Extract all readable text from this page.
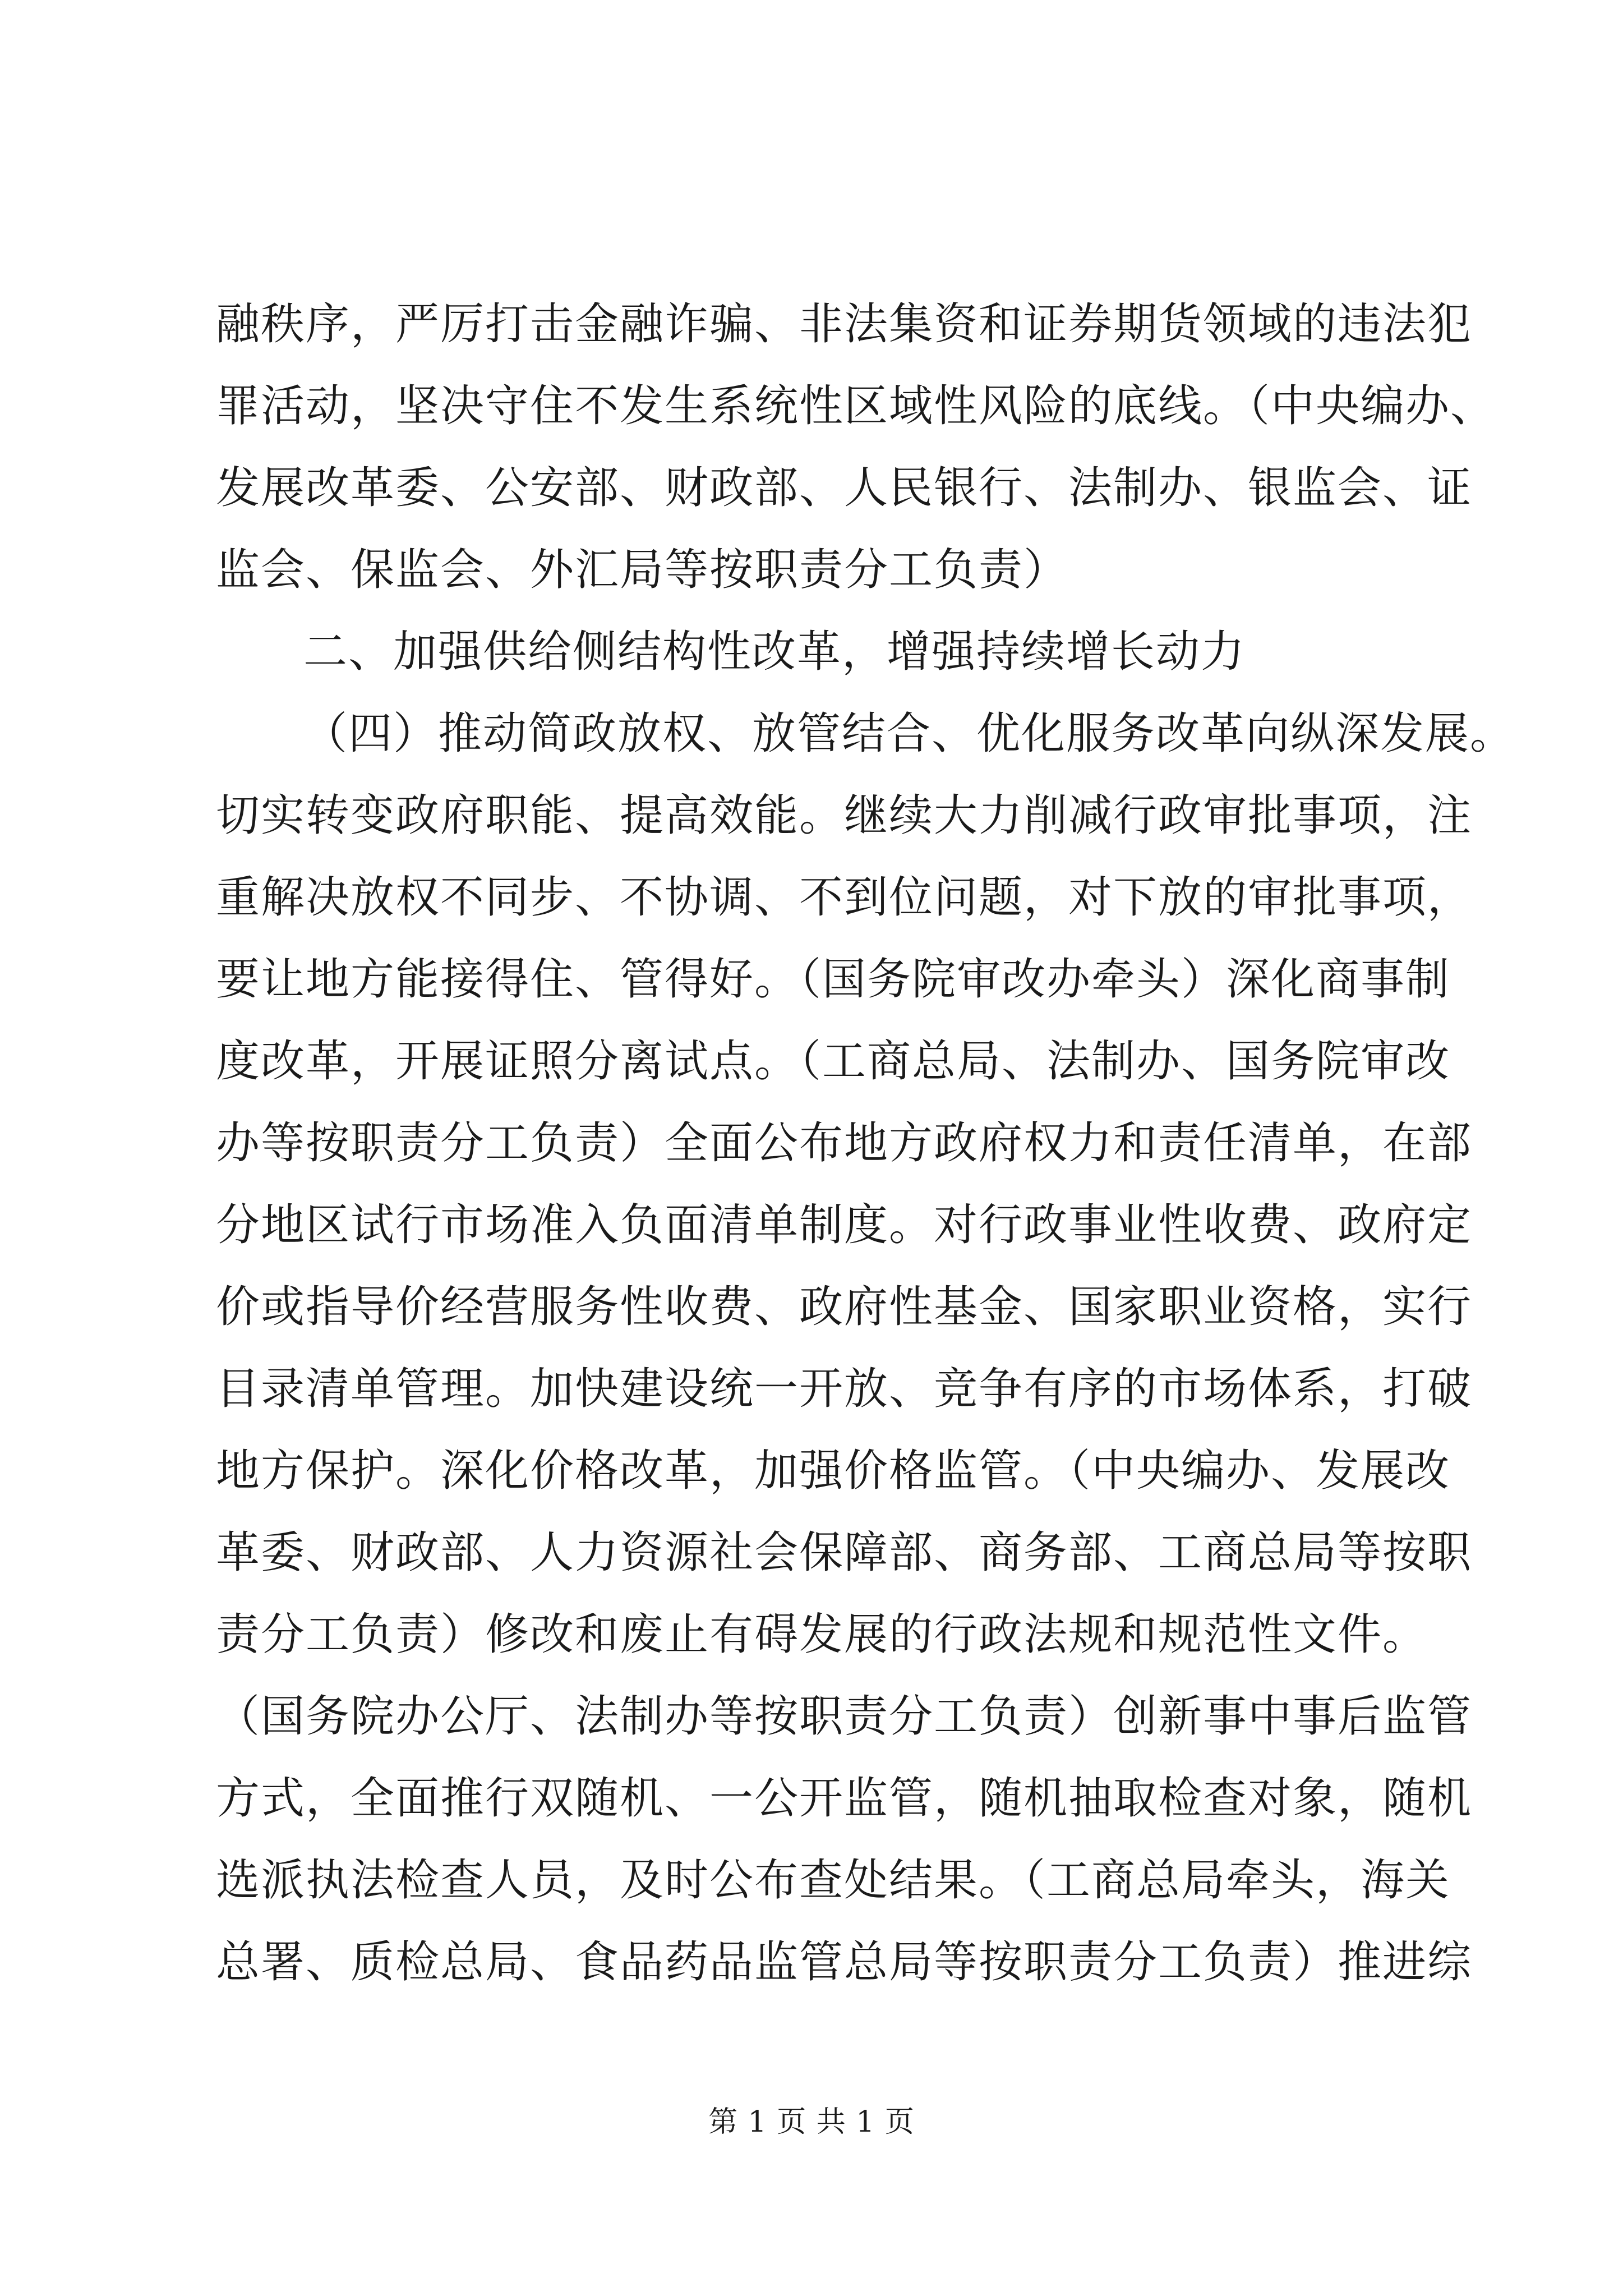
融秩序，严厉打击金融诈骗、非法集资和证券期货领域的违法犯
罪活动，坚决守住不发生系统性区域性风险的底线。（中央编办、
发展改革委、公安部、财政部、人民银行、法制办、银监会、证
监会、保监会、外汇局等按职责分工负责）
二、加强供给侧结构性改革，增强持续增长动力
（四）推动简政放权、放管结合、优化服务改革向纵深发展。
切实转变政府职能、提高效能。继续大力削减行政审批事项，注
重解决放权不同步、不协调、不到位问题，对下放的审批事项，
要让地方能接得住、管得好。（国务院审改办牵头）深化商事制
度改革，开展证照分离试点。（工商总局、法制办、国务院审改
办等按职责分工负责）全面公布地方政府权力和责任清单，在部
分地区试行市场准入负面清单制度。对行政事业性收费、政府定
价或指导价经营服务性收费、政府性基金、国家职业资格，实行
目录清单管理。加快建设统一开放、竞争有序的市场体系，打破
地方保护。深化价格改革，加强价格监管。（中央编办、发展改
革委、财政部、人力资源社会保障部、商务部、工商总局等按职
责分工负责）修改和废止有碍发展的行政法规和规范性文件。
（国务院办公厅、法制办等按职责分工负责）创新事中事后监管
方式，全面推行双随机、一公开监管，随机抽取检查对象，随机
选派执法检查人员，及时公布查处结果。（工商总局牵头，海关
总署、质检总局、食品药品监管总局等按职责分工负责）推进综
第 1 页 共 1 页
